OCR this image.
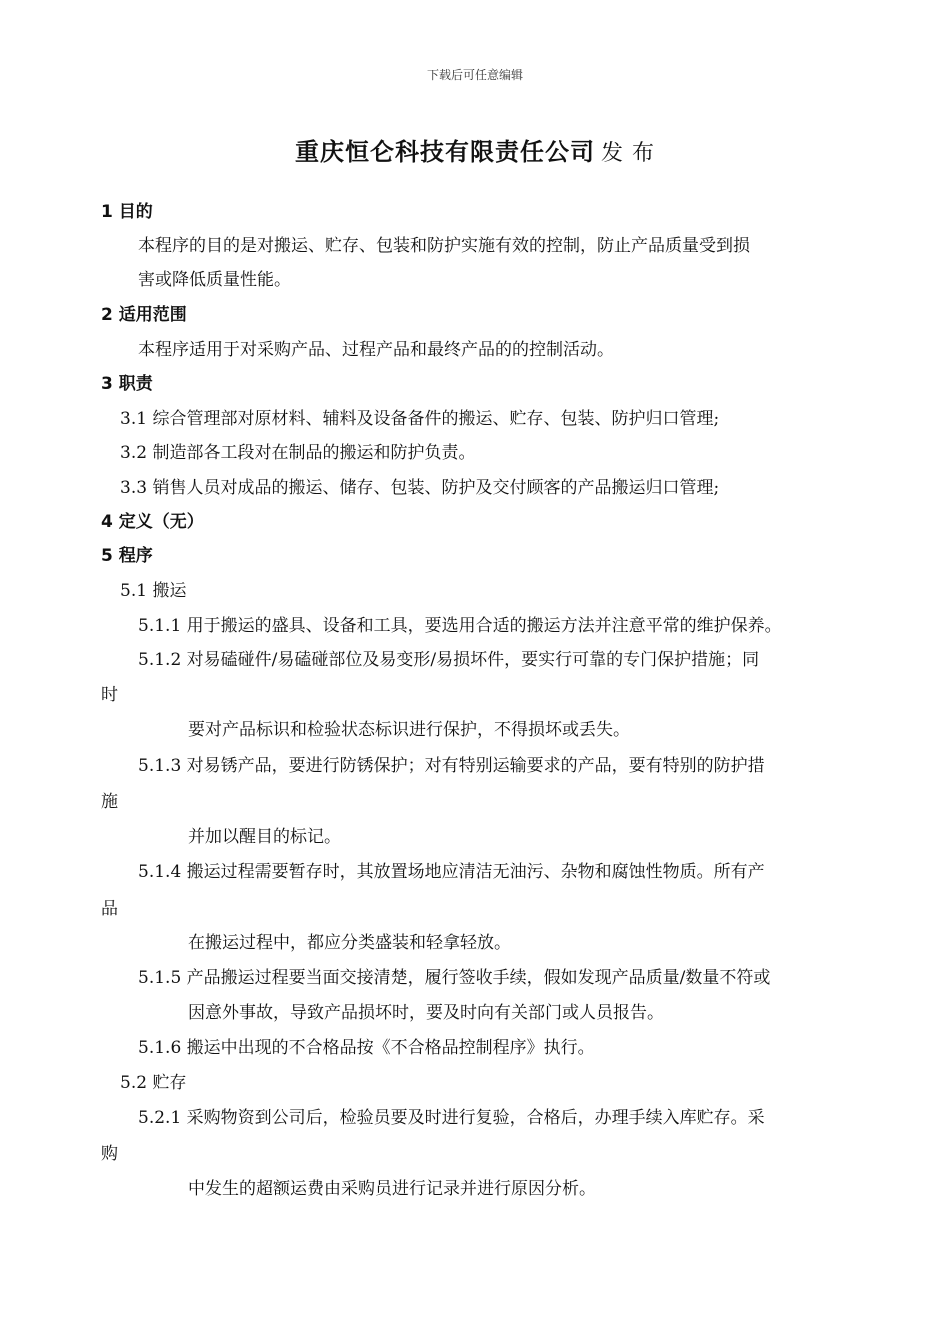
下载后可任意编辑
重庆恒仑科技有限责任公司 发 布
1 目的
本程序的目的是对搬运、贮存、包装和防护实施有效的控制，防止产品质量受到损
害或降低质量性能。
2 适用范围
本程序适用于对采购产品、过程产品和最终产品的的控制活动。
3 职责
3.1 综合管理部对原材料、辅料及设备备件的搬运、贮存、包装、防护归口管理;
3.2 制造部各工段对在制品的搬运和防护负责。
3.3 销售人员对成品的搬运、储存、包装、防护及交付顾客的产品搬运归口管理;
4 定义（无）
5 程序
5.1 搬运
5.1.1 用于搬运的盛具、设备和工具，要选用合适的搬运方法并注意平常的维护保养。
5.1.2 对易磕碰件/易磕碰部位及易变形/易损坏件，要实行可靠的专门保护措施；同
时
要对产品标识和检验状态标识进行保护，不得损坏或丢失。
5.1.3 对易锈产品，要进行防锈保护；对有特别运输要求的产品，要有特别的防护措
施
并加以醒目的标记。
5.1.4 搬运过程需要暂存时，其放置场地应清洁无油污、杂物和腐蚀性物质。所有产
品
在搬运过程中，都应分类盛装和轻拿轻放。
5.1.5 产品搬运过程要当面交接清楚，履行签收手续，假如发现产品质量/数量不符或
因意外事故，导致产品损坏时，要及时向有关部门或人员报告。
5.1.6 搬运中出现的不合格品按《不合格品控制程序》执行。
5.2 贮存
5.2.1 采购物资到公司后，检验员要及时进行复验，合格后，办理手续入库贮存。采
购
中发生的超额运费由采购员进行记录并进行原因分析。
